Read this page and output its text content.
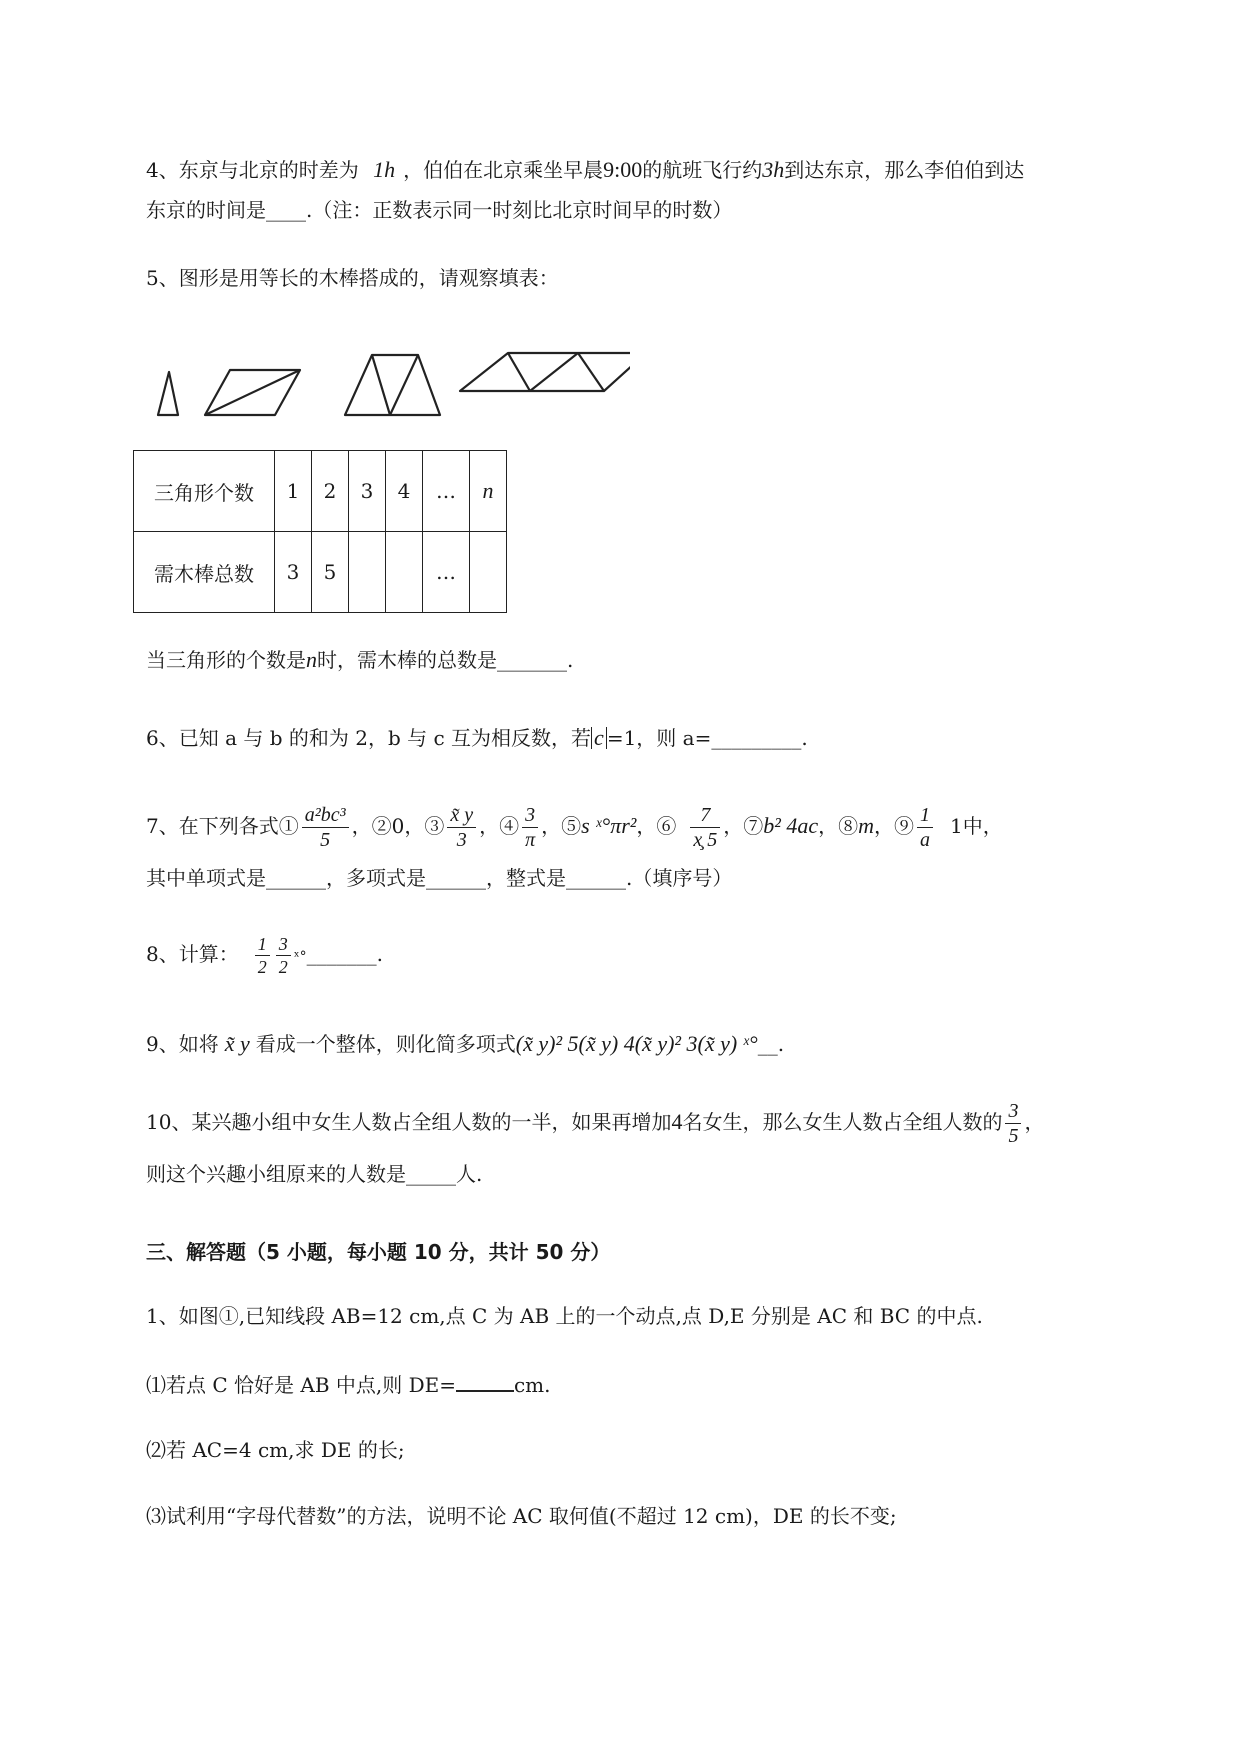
4、东京与北京的时差为 1h ，伯伯在北京乘坐早晨9:00的航班飞行约3h到达东京，那么李伯伯到达
东京的时间是____.（注：正数表示同一时刻比北京时间早的时数）
5、图形是用等长的木棒搭成的，请观察填表：
三角形个数	1	2	3	4	…	n
需木棒总数	3	5			…	
当三角形的个数是n时，需木棒的总数是_______.
6、已知 a 与 b 的和为 2，b 与 c 互为相反数，若 c =1，则 a=_________.
7、在下列各式① $\frac{\text{a²bc³}}{5}$ ，②0，③ $\frac{x̃ y}{3}$ ，④ $\frac{3}{\pi}$ ，⑤s ˣ°πr²，⑥ $\frac{7}{x̧ 5}$ ，⑦b² 4ac，⑧m，⑨ $\frac{1}{a} 1$中，
其中单项式是______，多项式是______，整式是______.（填序号）
8、计算： $\frac{1}{2} \frac{3}{2}$ ˣ°_______.
9、如将 x̃ y 看成一个整体，则化简多项式(x̃ y)² 5(x̃ y) 4(x̃ y)² 3(x̃ y) ˣ°__.
10、某兴趣小组中女生人数占全组人数的一半，如果再增加4名女生，那么女生人数占全组人数的 $\frac{3}{5}$ ，
则这个兴趣小组原来的人数是_____人.
三、解答题（5 小题，每小题 10 分，共计 50 分）
1、如图①,已知线段 AB=12 cm,点 C 为 AB 上的一个动点,点 D,E 分别是 AC 和 BC 的中点.
⑴若点 C 恰好是 AB 中点,则 DE=	cm.
⑵若 AC=4 cm,求 DE 的长;
⑶试利用“字母代替数”的方法，说明不论 AC 取何值(不超过 12 cm)，DE 的长不变;
